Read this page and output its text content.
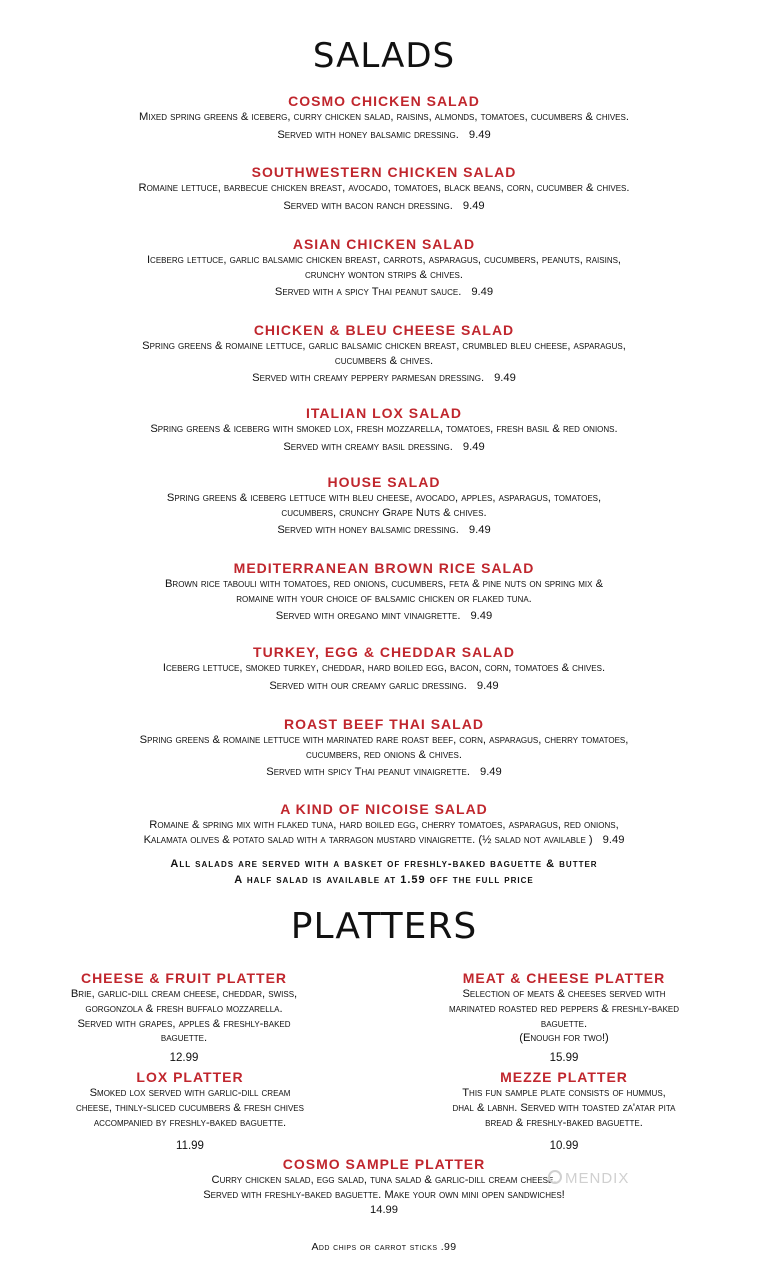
SALADS
COSMO CHICKEN SALAD
Mixed spring greens & iceberg, curry chicken salad, raisins, almonds, tomatoes, cucumbers & chives.
Served with honey balsamic dressing. 9.49
SOUTHWESTERN CHICKEN SALAD
Romaine lettuce, barbecue chicken breast, avocado, tomatoes, black beans, corn, cucumber & chives.
Served with bacon ranch dressing. 9.49
ASIAN CHICKEN SALAD
Iceberg lettuce, garlic balsamic chicken breast, carrots, asparagus, cucumbers, peanuts, raisins,
crunchy wonton strips & chives.
Served with a spicy Thai peanut sauce. 9.49
CHICKEN & BLEU CHEESE SALAD
Spring greens & romaine lettuce, garlic balsamic chicken breast, crumbled bleu cheese, asparagus,
cucumbers & chives.
Served with creamy peppery parmesan dressing. 9.49
ITALIAN LOX SALAD
Spring greens & iceberg with smoked lox, fresh mozzarella, tomatoes, fresh basil & red onions.
Served with creamy basil dressing. 9.49
HOUSE SALAD
Spring greens & iceberg lettuce with bleu cheese, avocado, apples, asparagus, tomatoes,
cucumbers, crunchy Grape Nuts & chives.
Served with honey balsamic dressing. 9.49
MEDITERRANEAN BROWN RICE SALAD
Brown rice tabouli with tomatoes, red onions, cucumbers, feta & pine nuts on spring mix &
romaine with your choice of balsamic chicken or flaked tuna.
Served with oregano mint vinaigrette. 9.49
TURKEY, EGG & CHEDDAR SALAD
Iceberg lettuce, smoked turkey, cheddar, hard boiled egg, bacon, corn, tomatoes & chives.
Served with our creamy garlic dressing. 9.49
ROAST BEEF THAI SALAD
Spring greens & romaine lettuce with marinated rare roast beef, corn, asparagus, cherry tomatoes,
cucumbers, red onions & chives.
Served with spicy Thai peanut vinaigrette. 9.49
A KIND OF NICOISE SALAD
Romaine & spring mix with flaked tuna, hard boiled egg, cherry tomatoes, asparagus, red onions,
Kalamata olives & potato salad with a tarragon mustard vinaigrette. (½ salad not available ) 9.49
All salads are served with a basket of freshly-baked baguette & butter
A half salad is available at 1.59 off the full price
PLATTERS
CHEESE & FRUIT PLATTER
Brie, garlic-dill cream cheese, cheddar, swiss,
gorgonzola & fresh buffalo mozzarella.
Served with grapes, apples & freshly-baked
baguette.
12.99
MEAT & CHEESE PLATTER
Selection of meats & cheeses served with
marinated roasted red peppers & freshly-baked
baguette.
(Enough for two!)
15.99
LOX PLATTER
Smoked lox served with garlic-dill cream
cheese, thinly-sliced cucumbers & fresh chives
accompanied by freshly-baked baguette.
11.99
MEZZE PLATTER
This fun sample plate consists of hummus,
dhal & labnh. Served with toasted za'atar pita
bread & freshly-baked baguette.
10.99
COSMO SAMPLE PLATTER
Curry chicken salad, egg salad, tuna salad & garlic-dill cream cheese.
Served with freshly-baked baguette. Make your own mini open sandwiches!
14.99
MENDIX
Add chips or carrot sticks .99
